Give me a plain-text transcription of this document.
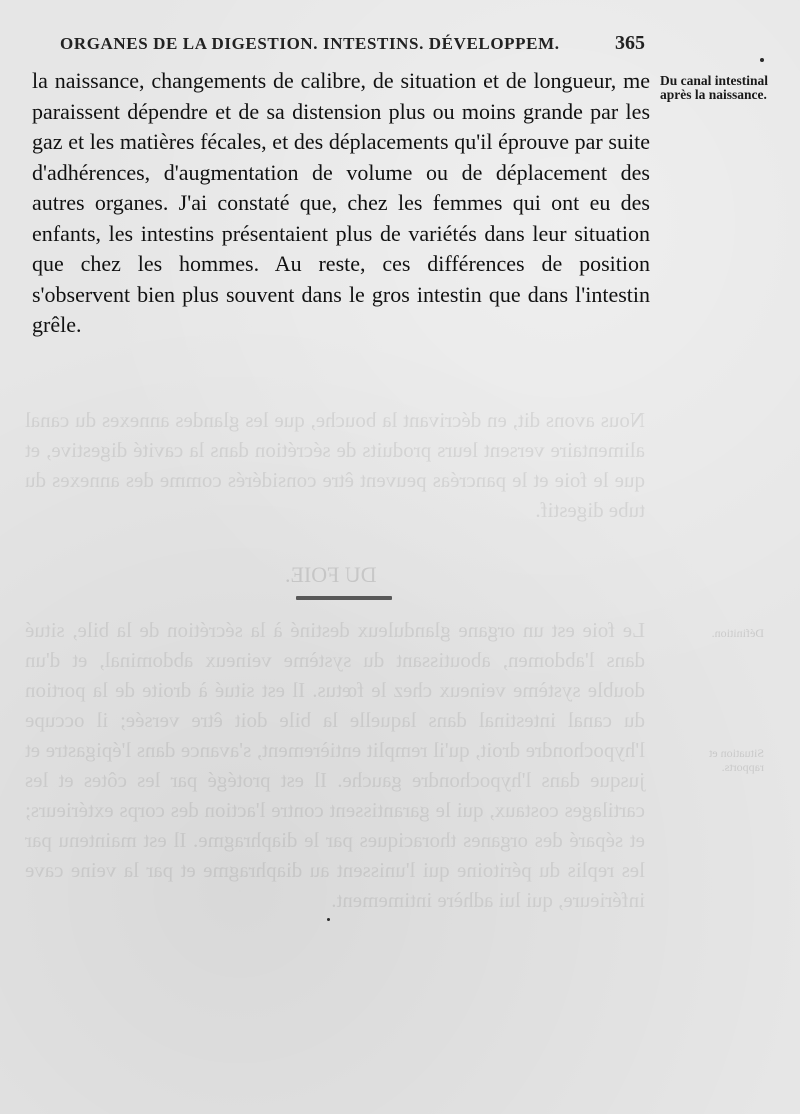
ORGANES DE LA DIGESTION. INTESTINS. DÉVELOPPEM.	365

la naissance, changements de calibre, de situation et de longueur, me paraissent dépendre et de sa distension plus ou moins grande par les gaz et les matières fécales, et des déplacements qu'il éprouve par suite d'adhérences, d'augmentation de volume ou de déplacement des autres organes. J'ai constaté que, chez les femmes qui ont eu des enfants, les intestins présentaient plus de variétés dans leur situation que chez les hommes. Au reste, ces différences de position s'observent bien plus souvent dans le gros intestin que dans l'intestin grêle.

Du canal intestinal après la naissance.

Nous avons dit, en décrivant la bouche, que les glandes annexes du canal alimentaire versent leurs produits de sécrétion dans la cavité digestive, et que le foie et le pancréas peuvent être considérés comme des annexes du tube digestif.
DU FOIE.
Le foie est un organe glanduleux destiné à la sécrétion de la bile, situé dans l'abdomen, aboutissant du système veineux abdominal, et d'un double système veineux chez le fœtus. Il est situé à droite de la portion du canal intestinal dans laquelle la bile doit être versée; il occupe l'hypochondre droit, qu'il remplit entièrement, s'avance dans l'épigastre et jusque dans l'hypochondre gauche. Il est protégé par les côtes et les cartilages costaux, qui le garantissent contre l'action des corps extérieurs; et séparé des organes thoraciques par le diaphragme. Il est maintenu par les replis du péritoine qui l'unissent au diaphragme et par la veine cave inférieure, qui lui adhère intimement.
Définition.
Situation et rapports.
